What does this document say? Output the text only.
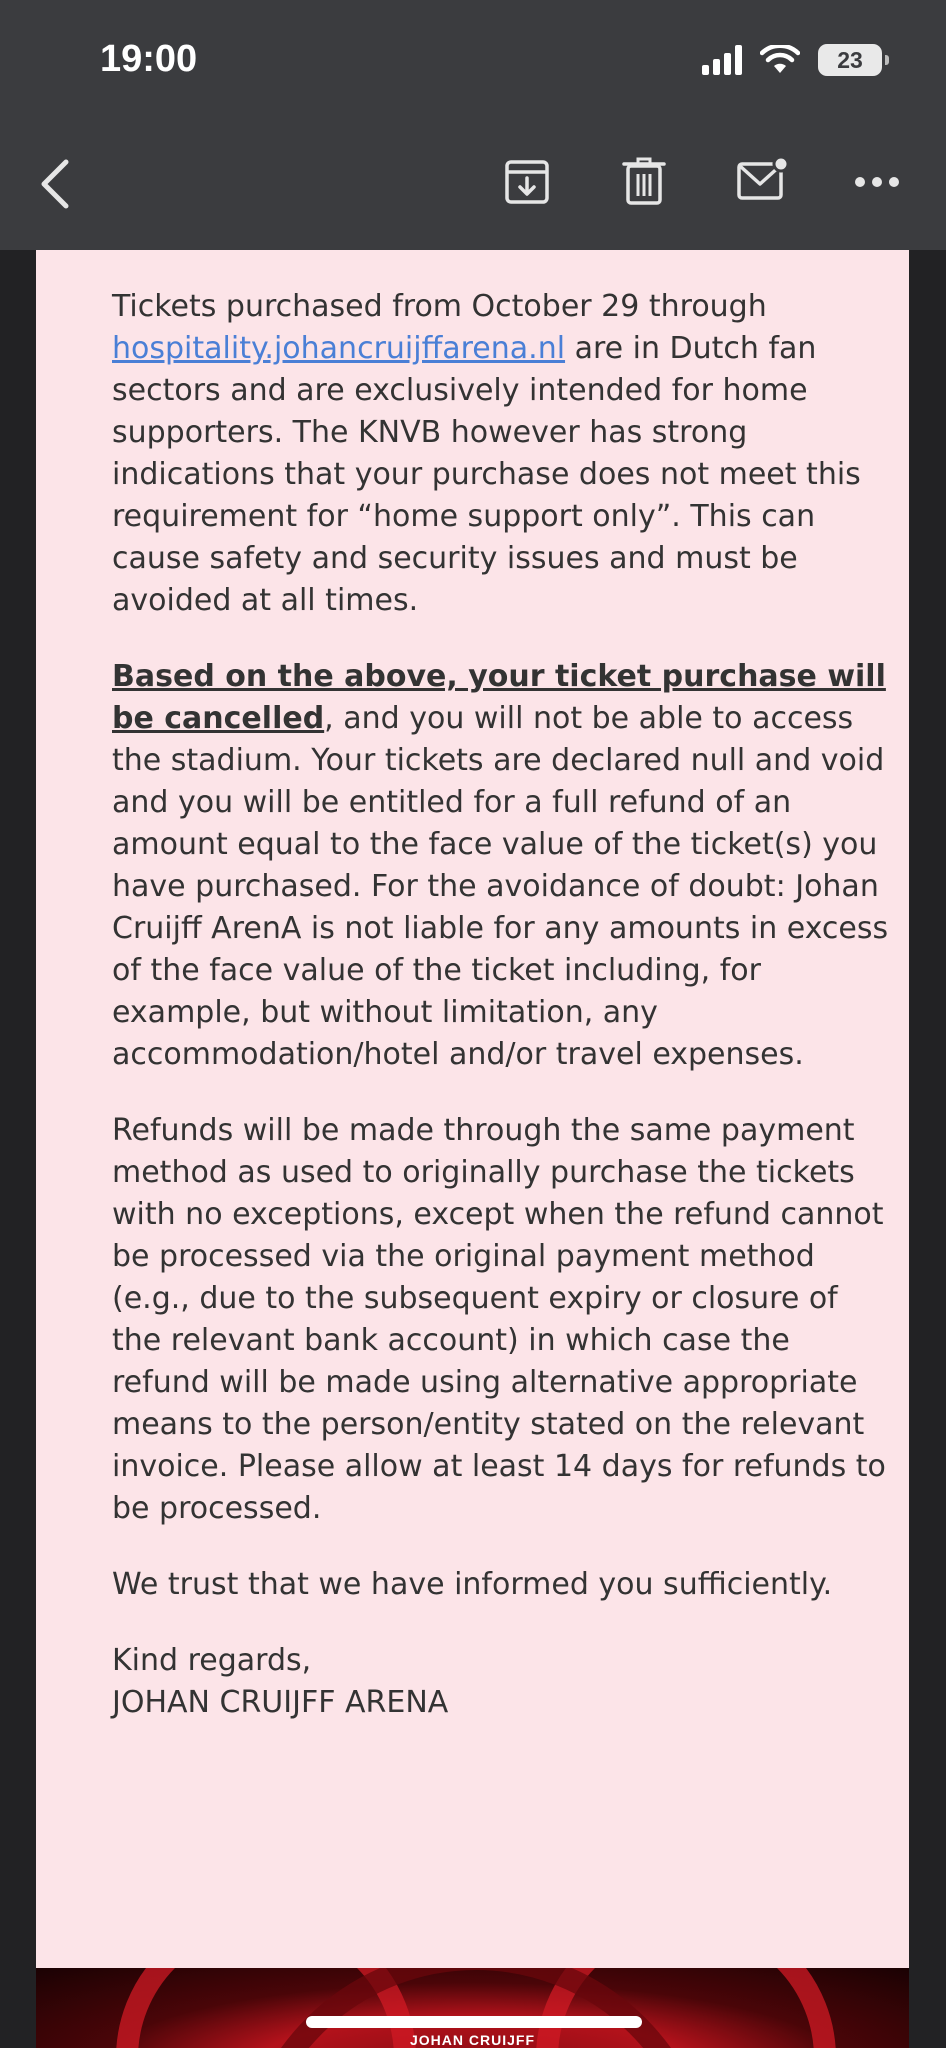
Tickets purchased from October 29 through hospitality.johancruijffarena.nl are in Dutch fan sectors and are exclusively intended for home supporters. The KNVB however has strong indications that your purchase does not meet this requirement for “home support only”. This can cause safety and security issues and must be avoided at all times.

Based on the above, your ticket purchase will be cancelled, and you will not be able to access the stadium. Your tickets are declared null and void and you will be entitled for a full refund of an amount equal to the face value of the ticket(s) you have purchased. For the avoidance of doubt: Johan Cruijff ArenA is not liable for any amounts in excess of the face value of the ticket including, for example, but without limitation, any accommodation/hotel and/or travel expenses.

Refunds will be made through the same payment method as used to originally purchase the tickets with no exceptions, except when the refund cannot be processed via the original payment method (e.g., due to the subsequent expiry or closure of the relevant bank account) in which case the refund will be made using alternative appropriate means to the person/entity stated on the relevant invoice. Please allow at least 14 days for refunds to be processed.

We trust that we have informed you sufficiently.

Kind regards,
JOHAN CRUIJFF ARENA

JOHAN CRUIJFF
19:00	23
